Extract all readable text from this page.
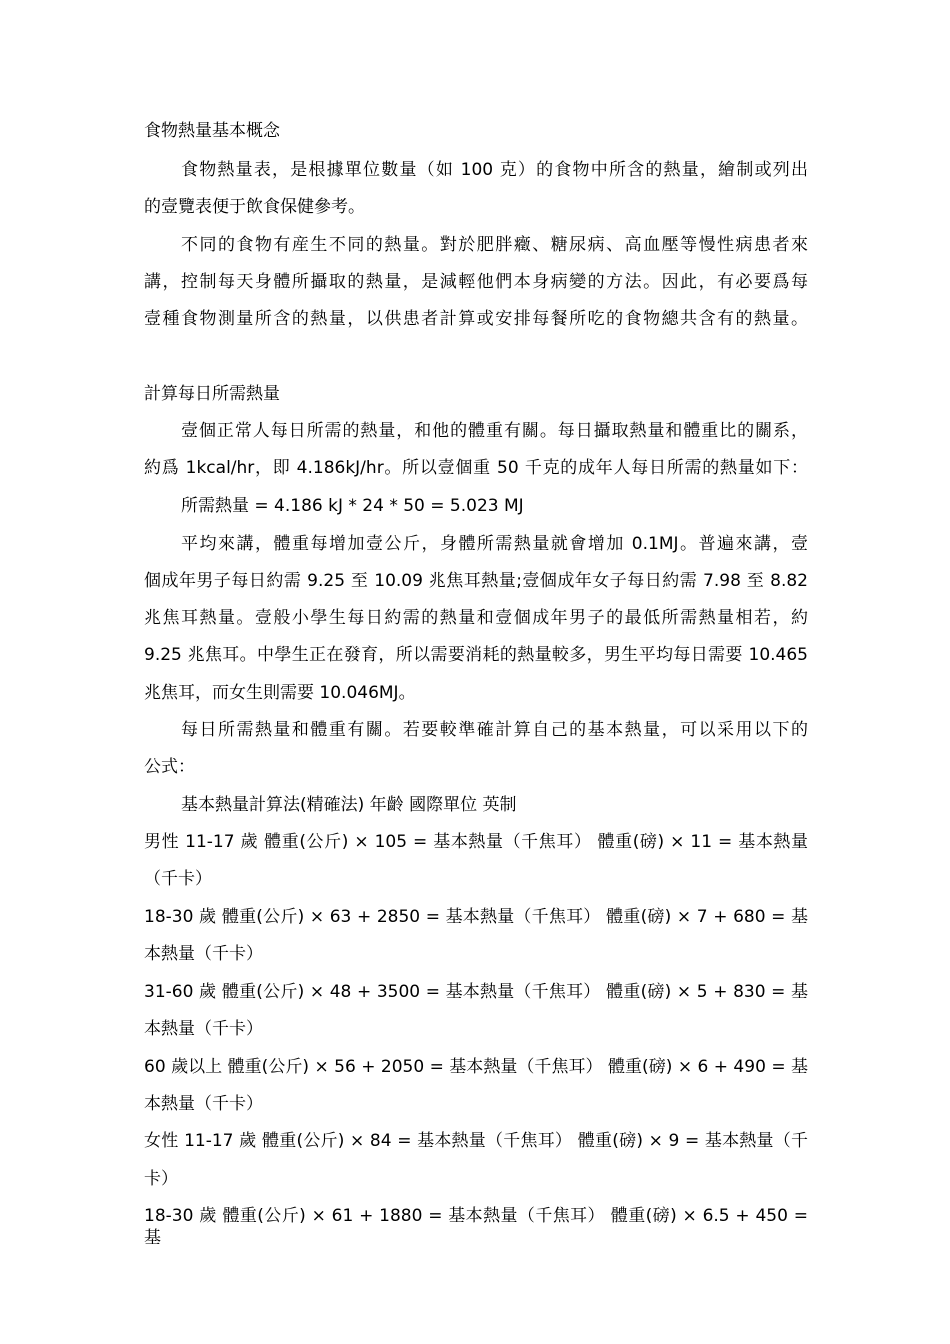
食物熱量基本概念
食物熱量表，是根據單位數量（如 100 克）的食物中所含的熱量，繪制或列出
的壹覽表便于飲食保健參考。
不同的食物有産生不同的熱量。對於肥胖癥、糖尿病、高血壓等慢性病患者來
講，控制每天身體所攝取的熱量，是減輕他們本身病變的方法。因此，有必要爲每
壹種食物測量所含的熱量，以供患者計算或安排每餐所吃的食物總共含有的熱量。
計算每日所需熱量
壹個正常人每日所需的熱量，和他的體重有關。每日攝取熱量和體重比的關系，
約爲 1kcal/hr，即 4.186kJ/hr。所以壹個重 50 千克的成年人每日所需的熱量如下：
所需熱量 = 4.186 kJ * 24 * 50 = 5.023 MJ
平均來講，體重每增加壹公斤，身體所需熱量就會增加 0.1MJ。普遍來講，壹
個成年男子每日約需 9.25 至 10.09 兆焦耳熱量;壹個成年女子每日約需 7.98 至 8.82
兆焦耳熱量。壹般小學生每日約需的熱量和壹個成年男子的最低所需熱量相若，約
9.25 兆焦耳。中學生正在發育，所以需要消耗的熱量較多，男生平均每日需要 10.465
兆焦耳，而女生則需要 10.046MJ。
每日所需熱量和體重有關。若要較準確計算自己的基本熱量，可以采用以下的
公式：
基本熱量計算法(精確法) 年齡 國際單位 英制
男性 11-17 歲 體重(公斤) × 105 = 基本熱量（千焦耳） 體重(磅) × 11 = 基本熱量
（千卡）
18-30 歲 體重(公斤) × 63 + 2850 = 基本熱量（千焦耳） 體重(磅) × 7 + 680 = 基
本熱量（千卡）
31-60 歲 體重(公斤) × 48 + 3500 = 基本熱量（千焦耳） 體重(磅) × 5 + 830 = 基
本熱量（千卡）
60 歲以上 體重(公斤) × 56 + 2050 = 基本熱量（千焦耳） 體重(磅) × 6 + 490 = 基
本熱量（千卡）
女性 11-17 歲 體重(公斤) × 84 = 基本熱量（千焦耳） 體重(磅) × 9 = 基本熱量（千
卡）
18-30 歲 體重(公斤) × 61 + 1880 = 基本熱量（千焦耳） 體重(磅) × 6.5 + 450 = 基
